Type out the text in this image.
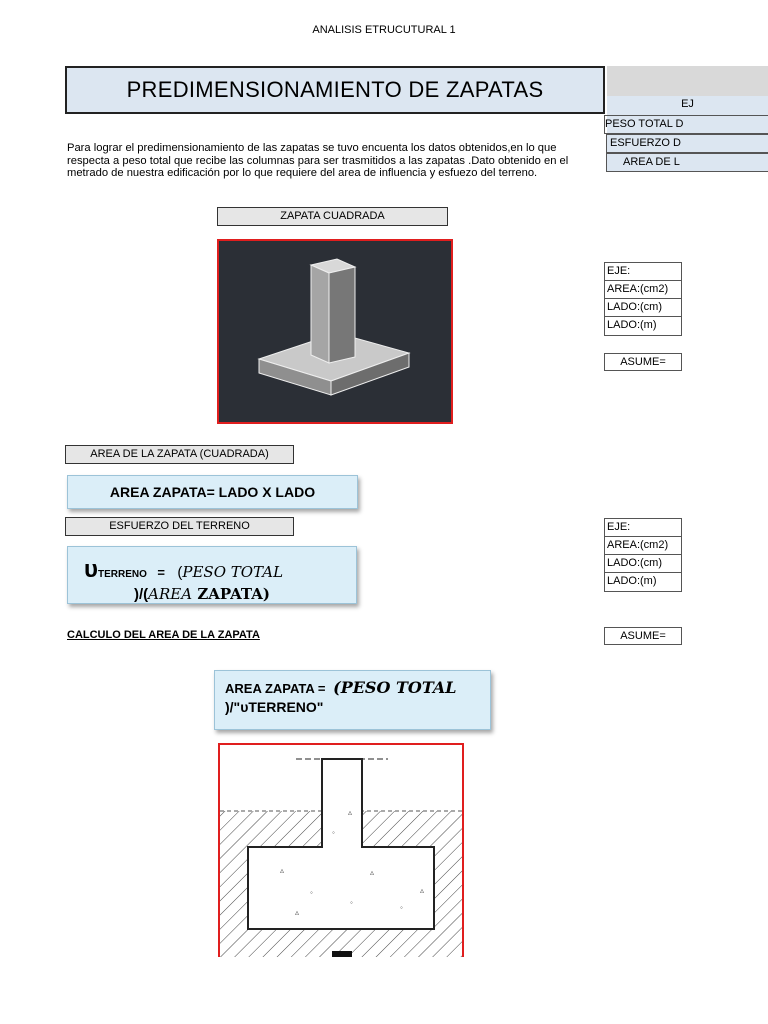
ANALISIS ETRUCUTURAL 1
PREDIMENSIONAMIENTO DE ZAPATAS
EJ
PESO TOTAL D
ESFUERZO D
AREA DE L
Para lograr el predimensionamiento de las zapatas se tuvo encuenta los datos obtenidos,en lo que respecta a peso total que recibe las columnas para ser trasmitidos a las zapatas .Dato obtenido en el metrado de nuestra edificación por lo que requiere del area de influencia y esfuezo del terreno.
ZAPATA CUADRADA
EJE:
AREA:(cm2)
LADO:(cm)
LADO:(m)
ASUME=
AREA DE LA ZAPATA (CUADRADA)
AREA ZAPATA= LADO X LADO
ESFUERZO DEL TERRENO
υTERRENO = (PESO TOTAL
)/(AREA ZAPATA)
EJE:
AREA:(cm2)
LADO:(cm)
LADO:(m)
ASUME=
CALCULO DEL AREA DE LA ZAPATA
AREA ZAPATA = (PESO TOTAL
)/"υTERRENO"
▵
◦
▵
◦
▵
◦
▵
▵
◦
